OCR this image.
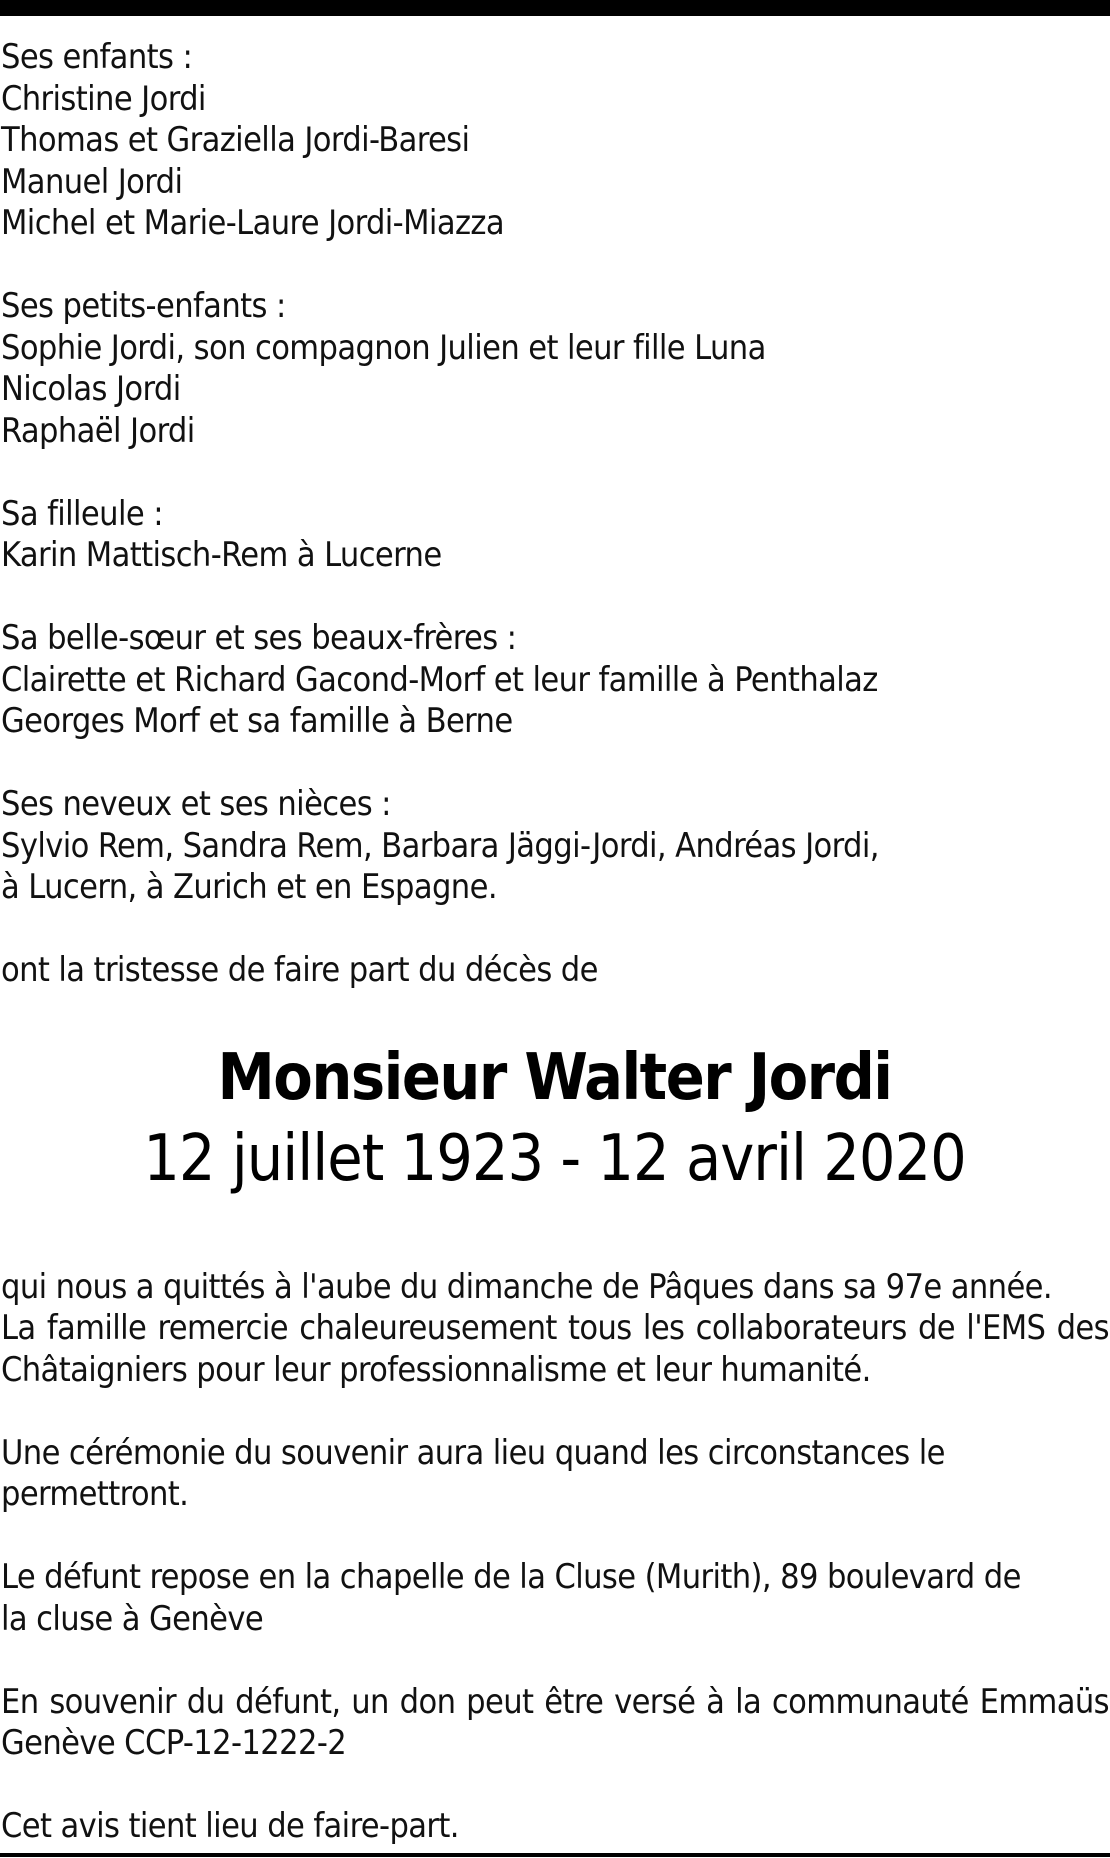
Ses enfants :
Christine Jordi
Thomas et Graziella Jordi-Baresi
Manuel Jordi
Michel et Marie-Laure Jordi-Miazza
Ses petits-enfants :
Sophie Jordi, son compagnon Julien et leur fille Luna
Nicolas Jordi
Raphaël Jordi
Sa filleule :
Karin Mattisch-Rem à Lucerne
Sa belle-sœur et ses beaux-frères :
Clairette et Richard Gacond-Morf et leur famille à Penthalaz
Georges Morf et sa famille à Berne
Ses neveux et ses nièces :
Sylvio Rem, Sandra Rem, Barbara Jäggi-Jordi, Andréas Jordi,
à Lucern, à Zurich et en Espagne.
ont la tristesse de faire part du décès de
Monsieur Walter Jordi
12 juillet 1923 - 12 avril 2020
qui nous a quittés à l'aube du dimanche de Pâques dans sa 97e année.
La famille remercie chaleureusement tous les collaborateurs de l'EMS des
Châtaigniers pour leur professionnalisme et leur humanité.
Une cérémonie du souvenir aura lieu quand les circonstances le
permettront.
Le défunt repose en la chapelle de la Cluse (Murith), 89 boulevard de
la cluse à Genève
En souvenir du défunt, un don peut être versé à la communauté Emmaüs
Genève CCP-12-1222-2
Cet avis tient lieu de faire-part.
